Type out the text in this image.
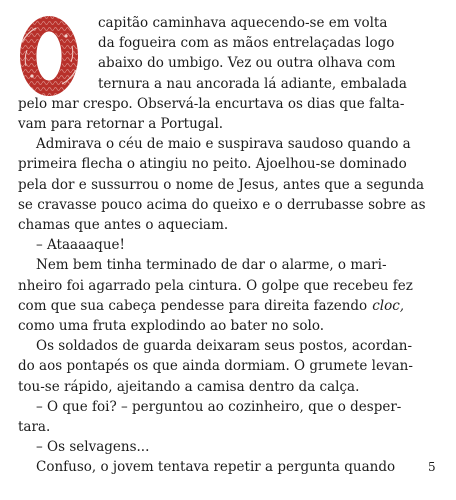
capitão caminhava aquecendo-se em volta
da fogueira com as mãos entrelaçadas logo
abaixo do umbigo. Vez ou outra olhava com
ternura a nau ancorada lá adiante, embalada
pelo mar crespo. Observá-la encurtava os dias que falta-
vam para retornar a Portugal.
Admirava o céu de maio e suspirava saudoso quando a
primeira flecha o atingiu no peito. Ajoelhou-se dominado
pela dor e sussurrou o nome de Jesus, antes que a segunda
se cravasse pouco acima do queixo e o derrubasse sobre as
chamas que antes o aqueciam.
– Ataaaaque!
Nem bem tinha terminado de dar o alarme, o mari-
nheiro foi agarrado pela cintura. O golpe que recebeu fez
com que sua cabeça pendesse para direita fazendo cloc,
como uma fruta explodindo ao bater no solo.
Os soldados de guarda deixaram seus postos, acordan-
do aos pontapés os que ainda dormiam. O grumete levan-
tou-se rápido, ajeitando a camisa dentro da calça.
– O que foi? – perguntou ao cozinheiro, que o desper-
tara.
– Os selvagens...
5
Confuso, o jovem tentava repetir a pergunta quando
